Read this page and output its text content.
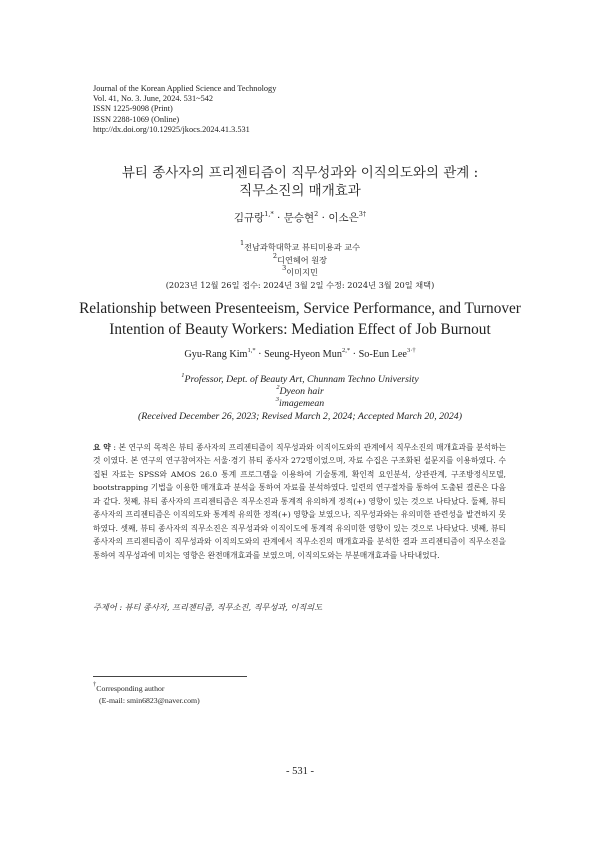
Journal of the Korean Applied Science and Technology
Vol. 41, No. 3. June, 2024. 531~542
ISSN 1225-9098 (Print)
ISSN 2288-1069 (Online)
http://dx.doi.org/10.12925/jkocs.2024.41.3.531
뷰티 종사자의 프리젠티즘이 직무성과와 이직의도와의 관계 :
직무소진의 매개효과
김규랑$^{1,*}$ · 문승현$^2$ · 이소은$^{3\dagger}$
$^1$전남과학대학교 뷰티미용과 교수
$^2$디연헤어 원장
$^3$이미지민
(2023년 12월 26일 접수: 2024년 3월 2일 수정: 2024년 3월 20일 채택)
Relationship between Presenteeism, Service Performance, and Turnover
Intention of Beauty Workers: Mediation Effect of Job Burnout
Gyu-Rang Kim$^{1,*}$ · Seung-Hyeon Mun$^{2,*}$ · So-Eun Lee$^{3\cdot\dagger}$
$^1$Professor, Dept. of Beauty Art, Chunnam Techno University
$^2$Dyeon hair
$^3$imagemean
(Received December 26, 2023; Revised March 2, 2024; Accepted March 20, 2024)
요 약 : 본 연구의 목적은 뷰티 종사자의 프리젠티즘이 직무성과와 이직이도와의 관계에서 직무소진의 매개효과를 분석하는 것 이였다. 본 연구의 연구참여자는 서울·경기 뷰티 종사자 272명이었으며, 자료 수집은 구조화된 설문지를 이용하였다. 수집된 자료는 SPSS와 AMOS 26.0 통계 프로그램을 이용하여 기술통계, 확인적 요인분석, 상관관계, 구조방정식모델, bootstrapping 기법을 이용한 매개효과 분석을 통하여 자료를 분석하였다. 일련의 연구절차를 통하여 도출된 결론은 다음과 같다. 첫째, 뷰티 종사자의 프리젠티즘은 직무소진과 통계적 유의하게 정적(+) 영향이 있는 것으로 나타났다. 둘째, 뷰티 종사자의 프리젠티즘은 이직의도와 통계적 유의한 정적(+) 영향을 보였으나, 직무성과와는 유의미한 관련성을 발견하지 못하였다. 셋째, 뷰티 종사자의 직무소진은 직무성과와 이직이도에 통계적 유의미한 영향이 있는 것으로 나타났다. 넷째, 뷰티 종사자의 프리젠티즘이 직무성과와 이직의도와의 관계에서 직무소진의 매개효과를 분석한 결과 프리젠티즘이 직무소진을 통하여 직무성과에 미치는 영향은 완전매개효과를 보였으며, 이직의도와는 부분매개효과를 나타내었다.
주제어 : 뷰티 종사자, 프리젠티즘, 직무소진, 직무성과, 이직의도
†Corresponding author
(E-mail: smin6823@naver.com)
- 531 -
